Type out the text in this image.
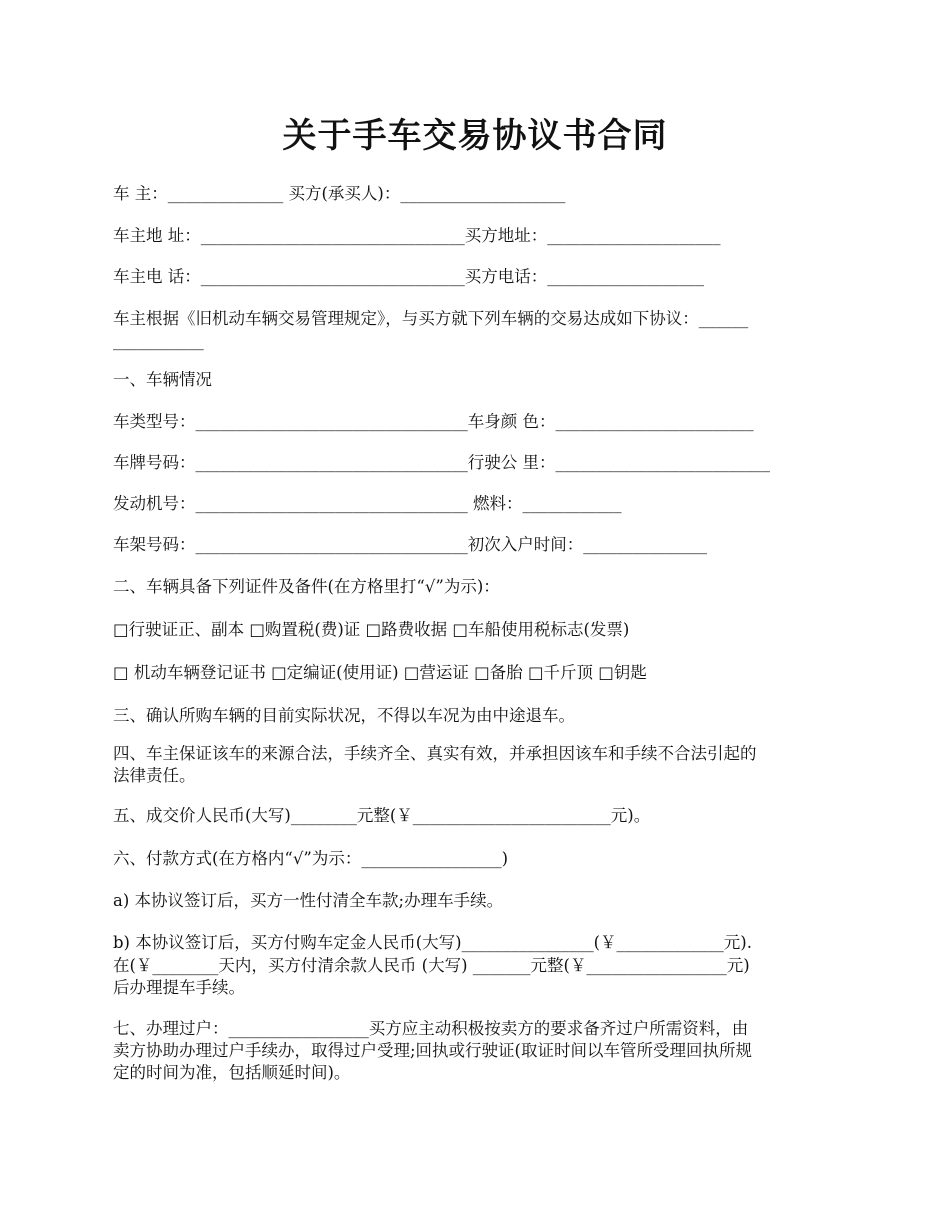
关于手车交易协议书合同
车 主：______________ 买方(承买人)：____________________
车主地 址：________________________________买方地址：_____________________
车主电 话：________________________________买方电话：___________________
车主根据《旧机动车辆交易管理规定》，与买方就下列车辆的交易达成如下协议：______
___________
一、车辆情况
车类型号：_________________________________车身颜 色：________________________
车牌号码：_________________________________行驶公 里：__________________________
发动机号：_________________________________ 燃料：____________
车架号码：_________________________________初次入户时间：_______________
二、车辆具备下列证件及备件(在方格里打“√”为示)：
□行驶证正、副本 □购置税(费)证 □路费收据 □车船使用税标志(发票)
□ 机动车辆登记证书 □定编证(使用证) □营运证 □备胎 □千斤顶 □钥匙
三、确认所购车辆的目前实际状况，不得以车况为由中途退车。
四、车主保证该车的来源合法，手续齐全、真实有效，并承担因该车和手续不合法引起的
法律责任。
五、成交价人民币(大写)________元整(￥________________________元)。
六、付款方式(在方格内“√”为示：_________________)
a) 本协议签订后，买方一性付清全车款;办理车手续。
b) 本协议签订后，买方付购车定金人民币(大写)________________(￥_____________元).
在(￥________天内，买方付清余款人民币 (大写) _______元整(￥_________________元)
后办理提车手续。
七、办理过户：_________________买方应主动积极按卖方的要求备齐过户所需资料，由
卖方协助办理过户手续办，取得过户受理;回执或行驶证(取证时间以车管所受理回执所规
定的时间为准，包括顺延时间)。
